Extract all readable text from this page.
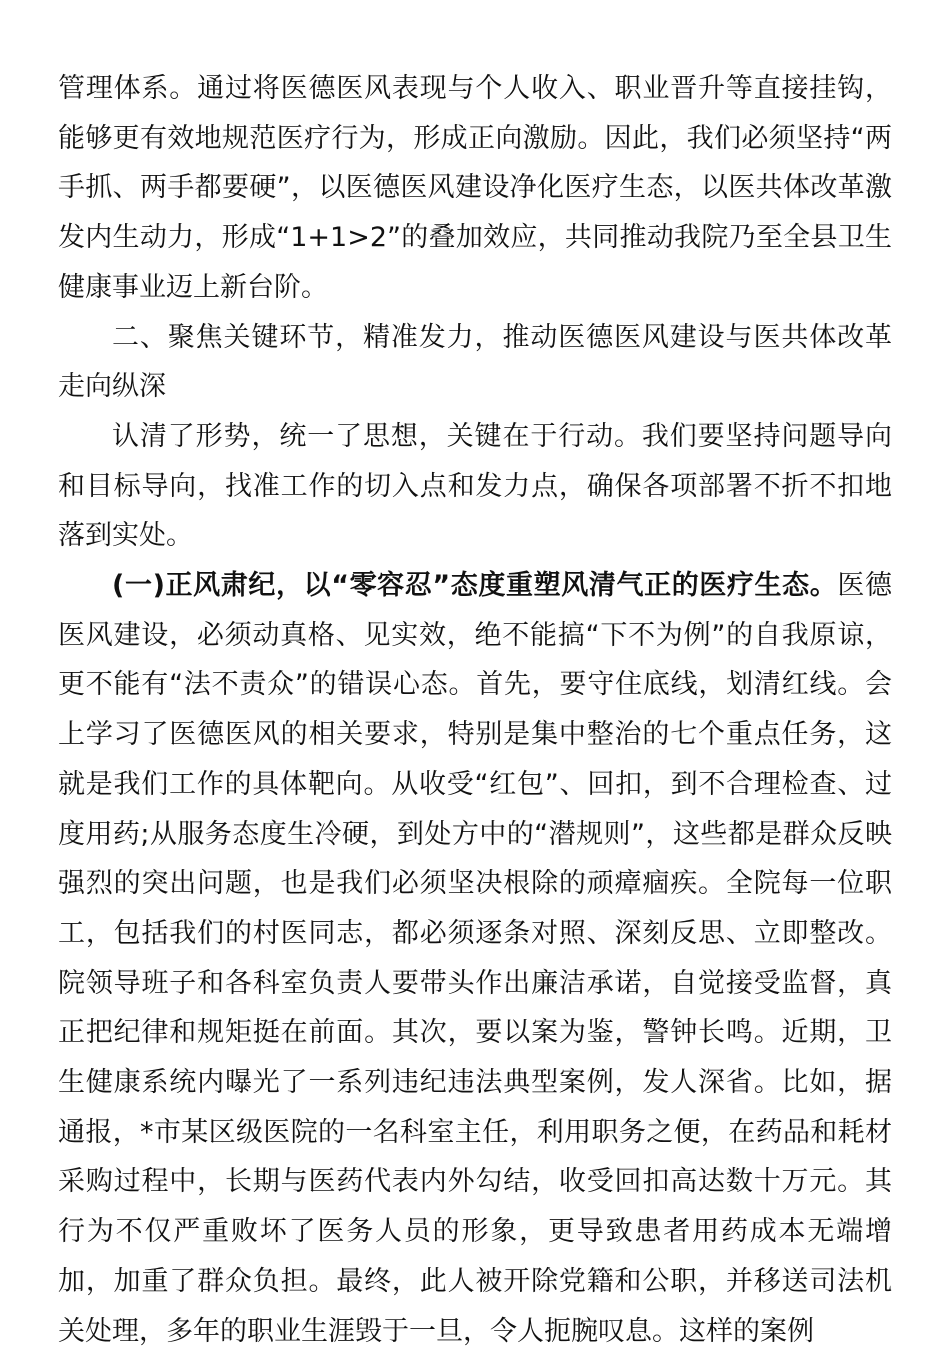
管理体系。通过将医德医风表现与个人收入、职业晋升等直接挂钩，能够更有效地规范医疗行为，形成正向激励。因此，我们必须坚持“两手抓、两手都要硬”，以医德医风建设净化医疗生态，以医共体改革激发内生动力，形成“1+1>2”的叠加效应，共同推动我院乃至全县卫生健康事业迈上新台阶。

二、聚焦关键环节，精准发力，推动医德医风建设与医共体改革走向纵深

认清了形势，统一了思想，关键在于行动。我们要坚持问题导向和目标导向，找准工作的切入点和发力点，确保各项部署不折不扣地落到实处。

(一)正风肃纪，以“零容忍”态度重塑风清气正的医疗生态。医德医风建设，必须动真格、见实效，绝不能搞“下不为例”的自我原谅，更不能有“法不责众”的错误心态。首先，要守住底线，划清红线。会上学习了医德医风的相关要求，特别是集中整治的七个重点任务，这就是我们工作的具体靶向。从收受“红包”、回扣，到不合理检查、过度用药;从服务态度生冷硬，到处方中的“潜规则”，这些都是群众反映强烈的突出问题，也是我们必须坚决根除的顽瘴痼疾。全院每一位职工，包括我们的村医同志，都必须逐条对照、深刻反思、立即整改。院领导班子和各科室负责人要带头作出廉洁承诺，自觉接受监督，真正把纪律和规矩挺在前面。其次，要以案为鉴，警钟长鸣。近期，卫生健康系统内曝光了一系列违纪违法典型案例，发人深省。比如，据通报，*市某区级医院的一名科室主任，利用职务之便，在药品和耗材采购过程中，长期与医药代表内外勾结，收受回扣高达数十万元。其行为不仅严重败坏了医务人员的形象，更导致患者用药成本无端增加，加重了群众负担。最终，此人被开除党籍和公职，并移送司法机关处理，多年的职业生涯毁于一旦，令人扼腕叹息。这样的案例
